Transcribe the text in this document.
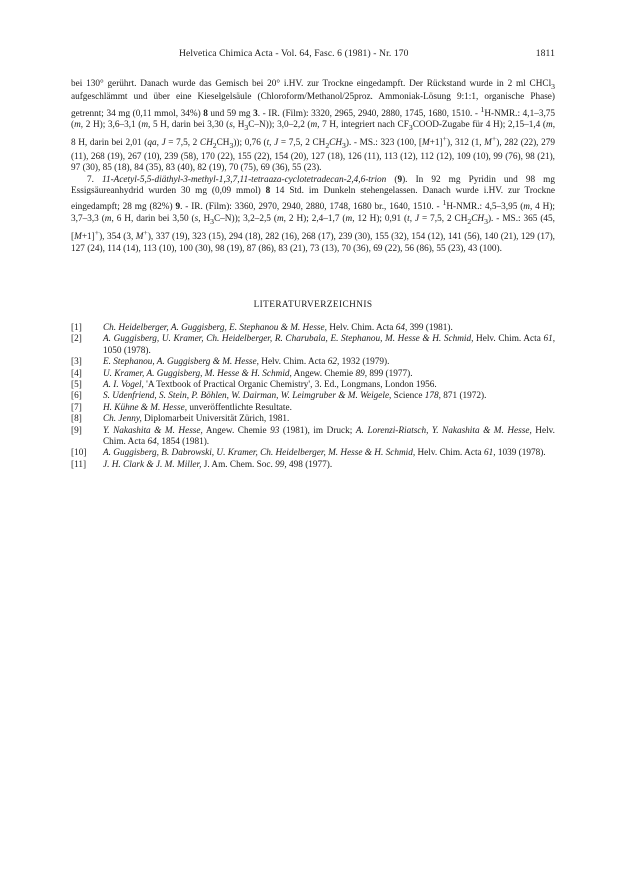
Helvetica Chimica Acta - Vol. 64, Fasc. 6 (1981) - Nr. 170	1811

bei 130° gerührt. Danach wurde das Gemisch bei 20° i.HV. zur Trockne eingedampft. Der Rückstand wurde in 2 ml CHCl$_3$ aufgeschlämmt und über eine Kieselgelsäule (Chloroform/Methanol/25proz. Ammoniak-Lösung 9:1:1, organische Phase) getrennt; 34 mg (0,11 mmol, 34%) 8 und 59 mg 3. - IR. (Film): 3320, 2965, 2940, 2880, 1745, 1680, 1510. - $^1$H-NMR.: 4,1–3,75 (m, 2 H); 3,6–3,1 (m, 5 H, darin bei 3,30 (s, $H_3C-N$)); 3,0–2,2 (m, 7 H, integriert nach $CF_3COOD$-Zugabe für 4 H); 2,15–1,4 (m, 8 H, darin bei 2,01 (qa, J = 7,5, 2 $CH_2CH_3$)); 0,76 (t, J = 7,5, 2 $CH_2CH_3$). - MS.: 323 (100, [M+1]+), 312 (1, M+), 282 (22), 279 (11), 268 (19), 267 (10), 239 (58), 170 (22), 155 (22), 154 (20), 127 (18), 126 (11), 113 (12), 112 (12), 109 (10), 99 (76), 98 (21), 97 (30), 85 (18), 84 (35), 83 (40), 82 (19), 70 (75), 69 (36), 55 (23).

7. 11-Acetyl-5,5-diäthyl-3-methyl-1,3,7,11-tetraaza-cyclotetradecan-2,4,6-trion (9). In 92 mg Pyridin und 98 mg Essigsäureanhydrid wurden 30 mg (0,09 mmol) 8 14 Std. im Dunkeln stehengelassen. Danach wurde i.HV. zur Trockne eingedampft; 28 mg (82%) 9. - IR. (Film): 3360, 2970, 2940, 2880, 1748, 1680 br., 1640, 1510. - $^1$H-NMR.: 4,5–3,95 (m, 4 H); 3,7–3,3 (m, 6 H, darin bei 3,50 (s, $H_3C-N$)); 3,2–2,5 (m, 2 H); 2,4–1,7 (m, 12 H); 0,91 (t, J = 7,5, 2 $CH_2CH_3$). - MS.: 365 (45, [M+1]+), 354 (3, M+), 337 (19), 323 (15), 294 (18), 282 (16), 268 (17), 239 (30), 155 (32), 154 (12), 141 (56), 140 (21), 129 (17), 127 (24), 114 (14), 113 (10), 100 (30), 98 (19), 87 (86), 83 (21), 73 (13), 70 (36), 69 (22), 56 (86), 55 (23), 43 (100).

LITERATURVERZEICHNIS
[1] Ch. Heidelberger, A. Guggisberg, E. Stephanou & M. Hesse, Helv. Chim. Acta 64, 399 (1981).
[2] A. Guggisberg, U. Kramer, Ch. Heidelberger, R. Charubala, E. Stephanou, M. Hesse & H. Schmid, Helv. Chim. Acta 61, 1050 (1978).
[3] E. Stephanou, A. Guggisberg & M. Hesse, Helv. Chim. Acta 62, 1932 (1979).
[4] U. Kramer, A. Guggisberg, M. Hesse & H. Schmid, Angew. Chemie 89, 899 (1977).
[5] A. I. Vogel, 'A Textbook of Practical Organic Chemistry', 3. Ed., Longmans, London 1956.
[6] S. Udenfriend, S. Stein, P. Böhlen, W. Dairman, W. Leimgruber & M. Weigele, Science 178, 871 (1972).
[7] H. Kühne & M. Hesse, unveröffentlichte Resultate.
[8] Ch. Jenny, Diplomarbeit Universität Zürich, 1981.
[9] Y. Nakashita & M. Hesse, Angew. Chemie 93 (1981), im Druck; A. Lorenzi-Riatsch, Y. Nakashita & M. Hesse, Helv. Chim. Acta 64, 1854 (1981).
[10] A. Guggisberg, B. Dabrowski, U. Kramer, Ch. Heidelberger, M. Hesse & H. Schmid, Helv. Chim. Acta 61, 1039 (1978).
[11] J. H. Clark & J. M. Miller, J. Am. Chem. Soc. 99, 498 (1977).
